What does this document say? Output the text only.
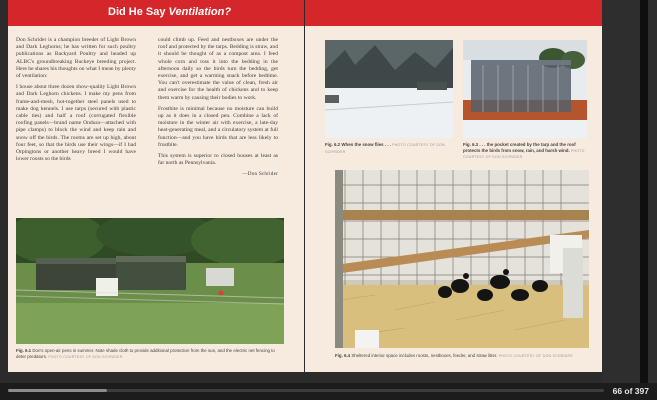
Did He Say Ventilation?

Don Schrider is a champion breeder of Light Brown and Dark Leghorns; he has written for such poultry publications as Backyard Poultry and headed up ALBC's groundbreaking Buckeye breeding project. Here he shares his thoughts on what I mean by plenty of ventilation:

I house about three dozen show-quality Light Brown and Dark Leghorn chickens. I make my pens from frame-and-mesh, hot-together steel panels used to make dog kennels. I use tarps (secured with plastic cable ties) and half a roof (corrugated flexible roofing panels—brand name Ondura—attached with pipe clamps) to block the wind and keep rain and snow off the birds. The rooms are set up high, about four feet, so that the birds use their wings—if I had Orpingtons or another heavy breed I would have lower roosts so the birds

could climb up. Feed and nestboxes are under the roof and protected by the tarps. Bedding is straw, and it should be thought of as a compost area. I feed whole corn and toss it into the bedding in the afternoon daily so the birds turn the bedding, get exercise, and get a warming snack before bedtime. You can't overestimate the value of clean, fresh air and exercise for the health of chickens and to keep them warm by causing their bodies to work.

Frostbite is minimal because no moisture can build up as it does in a closed pen. Combine a lack of moisture in the winter air with exercise, a late-day heat-generating meal, and a circulatory system at full function—and you have birds that are less likely to frostbite.

This system is superior to closed houses at least as far north as Pennsylvania.

—Don Schrider
Fig. 6.1 Don's open-air pens in summer. Note shade cloth to provide additional protection from the sun, and the electric net fencing to deter predators. PHOTO COURTESY OF DON SCHRIDER
Fig. 6.2 When the snow flies . . . PHOTO COURTESY OF DON SCHRIDER
Fig. 6.3 . . . the pocket created by the tarp and the roof protects the birds from snow, rain, and harsh wind. PHOTO COURTESY OF DON SCHRIDER
Fig. 6.4 Sheltered interior space includes roosts, nestboxes, feeder, and straw litter. PHOTO COURTESY OF DON SCHRIDER
66 of 397
